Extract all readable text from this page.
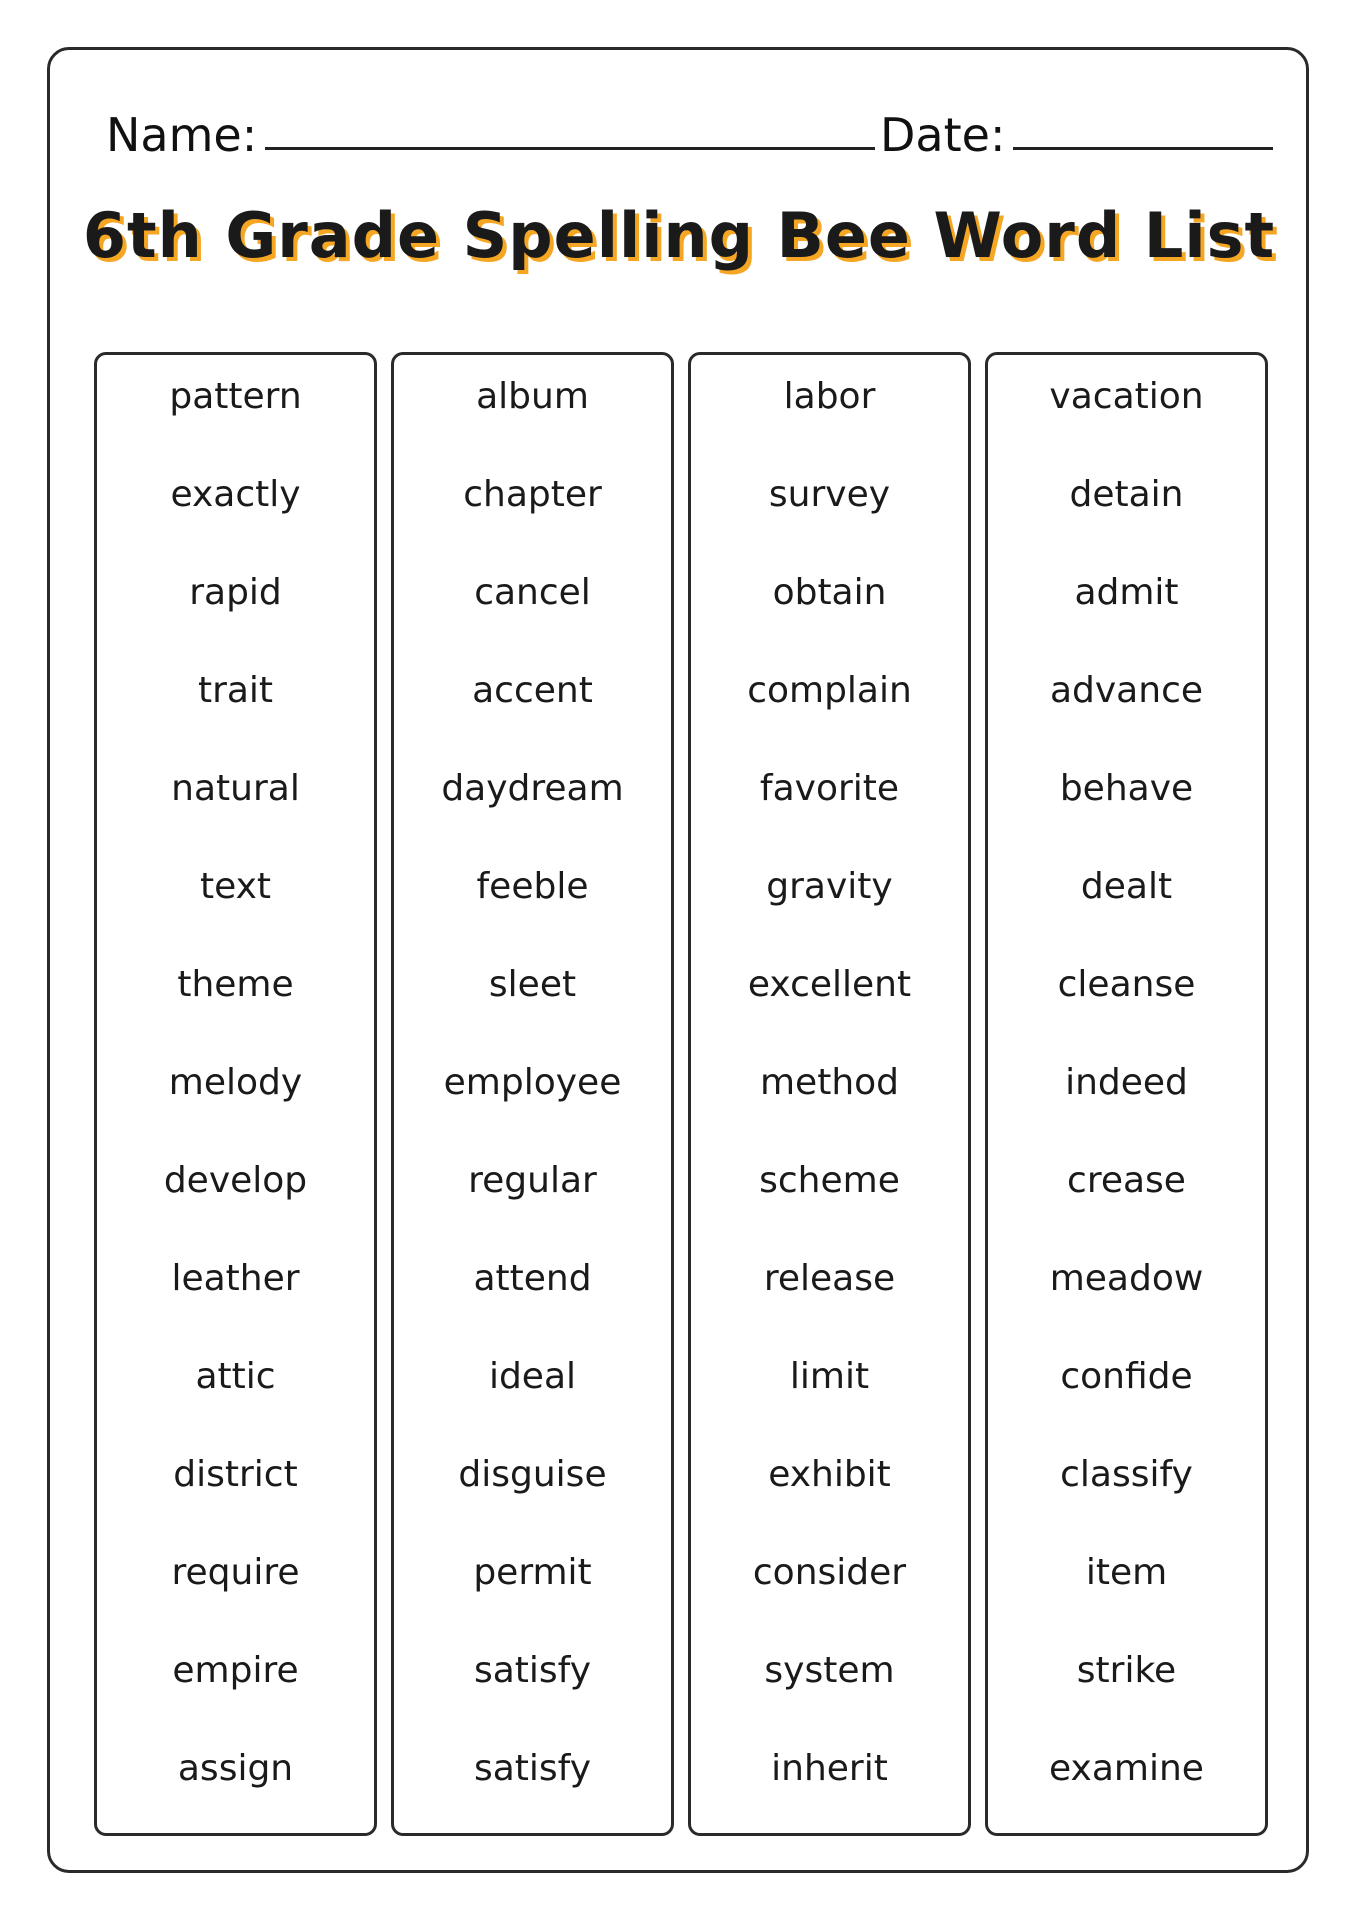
Name:	Date:
6th Grade Spelling Bee Word List
pattern
exactly
rapid
trait
natural
text
theme
melody
develop
leather
attic
district
require
empire
assign
album
chapter
cancel
accent
daydream
feeble
sleet
employee
regular
attend
ideal
disguise
permit
satisfy
satisfy
labor
survey
obtain
complain
favorite
gravity
excellent
method
scheme
release
limit
exhibit
consider
system
inherit
vacation
detain
admit
advance
behave
dealt
cleanse
indeed
crease
meadow
confide
classify
item
strike
examine
